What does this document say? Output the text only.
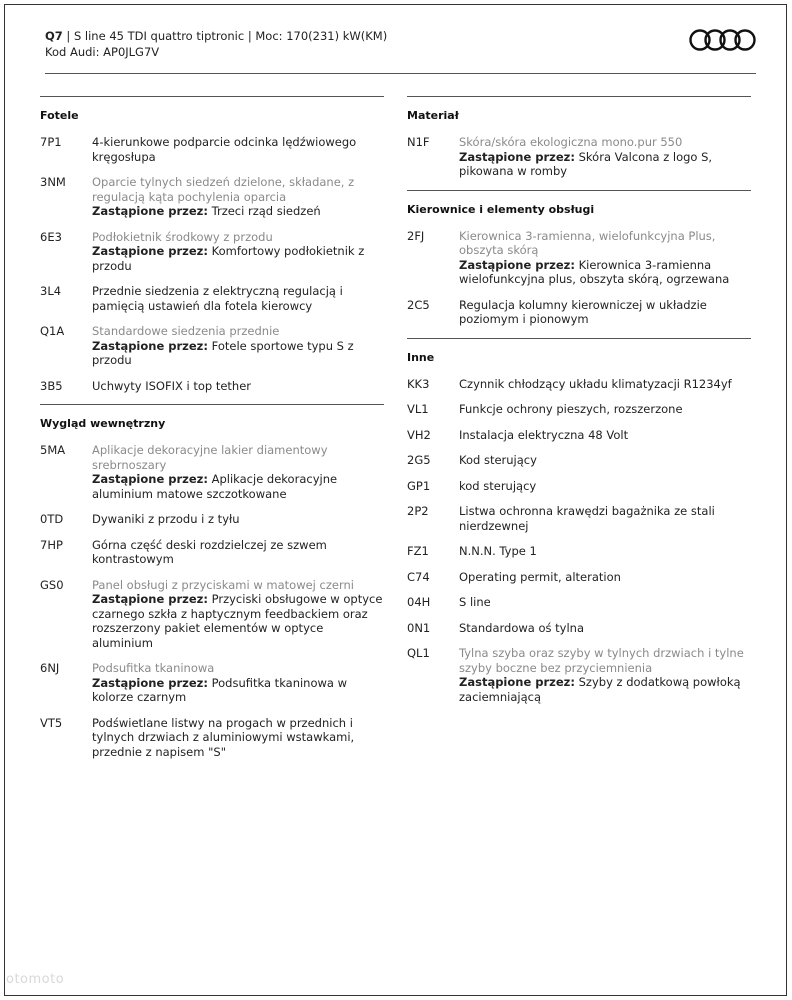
Q7 | S line 45 TDI quattro tiptronic | Moc: 170(231) kW(KM)
Kod Audi: AP0JLG7V
Fotele
7P1	4-kierunkowe podparcie odcinka lędźwiowego kręgosłupa
3NM	Oparcie tylnych siedzeń dzielone, składane, z regulacją kąta pochylenia oparcia
Zastąpione przez: Trzeci rząd siedzeń
6E3	Podłokietnik środkowy z przodu
Zastąpione przez: Komfortowy podłokietnik z przodu
3L4	Przednie siedzenia z elektryczną regulacją i pamięcią ustawień dla fotela kierowcy
Q1A	Standardowe siedzenia przednie
Zastąpione przez: Fotele sportowe typu S z przodu
3B5	Uchwyty ISOFIX i top tether
Wygląd wewnętrzny
5MA	Aplikacje dekoracyjne lakier diamentowy srebrnoszary
Zastąpione przez: Aplikacje dekoracyjne aluminium matowe szczotkowane
0TD	Dywaniki z przodu i z tyłu
7HP	Górna część deski rozdzielczej ze szwem kontrastowym
GS0	Panel obsługi z przyciskami w matowej czerni
Zastąpione przez: Przyciski obsługowe w optyce czarnego szkła z haptycznym feedbackiem oraz rozszerzony pakiet elementów w optyce aluminium
6NJ	Podsufitka tkaninowa
Zastąpione przez: Podsufitka tkaninowa w kolorze czarnym
VT5	Podświetlane listwy na progach w przednich i tylnych drzwiach z aluminiowymi wstawkami, przednie z napisem "S"
Materiał
N1F	Skóra/skóra ekologiczna mono.pur 550
Zastąpione przez: Skóra Valcona z logo S, pikowana w romby
Kierownice i elementy obsługi
2FJ	Kierownica 3-ramienna, wielofunkcyjna Plus, obszyta skórą
Zastąpione przez: Kierownica 3-ramienna wielofunkcyjna plus, obszyta skórą, ogrzewana
2C5	Regulacja kolumny kierowniczej w układzie poziomym i pionowym
Inne
KK3	Czynnik chłodzący układu klimatyzacji R1234yf
VL1	Funkcje ochrony pieszych, rozszerzone
VH2	Instalacja elektryczna 48 Volt
2G5	Kod sterujący
GP1	kod sterujący
2P2	Listwa ochronna krawędzi bagażnika ze stali nierdzewnej
FZ1	N.N.N. Type 1
C74	Operating permit, alteration
04H	S line
0N1	Standardowa oś tylna
QL1	Tylna szyba oraz szyby w tylnych drzwiach i tylne szyby boczne bez przyciemnienia
Zastąpione przez: Szyby z dodatkową powłoką zaciemniającą
otomoto
